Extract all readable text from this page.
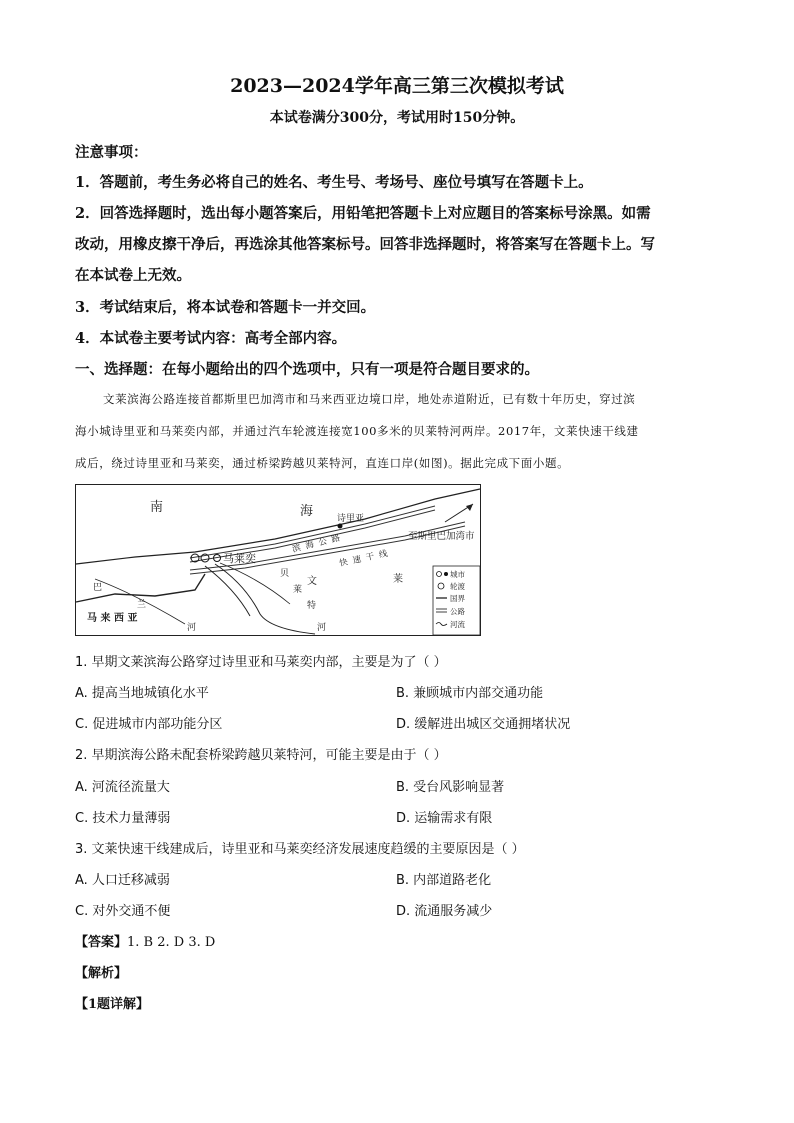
2023—2024学年高三第三次模拟考试
本试卷满分300分，考试用时150分钟。
注意事项：
1．答题前，考生务必将自己的姓名、考生号、考场号、座位号填写在答题卡上。
2．回答选择题时，选出每小题答案后，用铅笔把答题卡上对应题目的答案标号涂黑。如需
改动，用橡皮擦干净后，再选涂其他答案标号。回答非选择题时，将答案写在答题卡上。写
在本试卷上无效。
3．考试结束后，将本试卷和答题卡一并交回。
4．本试卷主要考试内容：高考全部内容。
一、选择题：在每小题给出的四个选项中，只有一项是符合题目要求的。
文莱滨海公路连接首都斯里巴加湾市和马来西亚边境口岸，地处赤道附近，已有数十年历史，穿过滨
海小城诗里亚和马莱奕内部，并通过汽车轮渡连接宽100多米的贝莱特河两岸。2017年，文莱快速干线建
成后，绕过诗里亚和马莱奕，通过桥梁跨越贝莱特河，直连口岸(如图)。据此完成下面小题。
南	海	诗里亚
马莱奕
滨海公路
快速干线
至斯里巴加湾市
文	莱
贝
莱
特
河
巴
兰
河
马 来 西 亚
城市
轮渡
国界
公路
河流
1. 早期文莱滨海公路穿过诗里亚和马莱奕内部，主要是为了（ ）
A. 提高当地城镇化水平	B. 兼顾城市内部交通功能
C. 促进城市内部功能分区	D. 缓解进出城区交通拥堵状况
2. 早期滨海公路未配套桥梁跨越贝莱特河，可能主要是由于（ ）
A. 河流径流量大	B. 受台风影响显著
C. 技术力量薄弱	D. 运输需求有限
3. 文莱快速干线建成后，诗里亚和马莱奕经济发展速度趋缓的主要原因是（ ）
A. 人口迁移减弱	B. 内部道路老化
C. 对外交通不便	D. 流通服务减少
【答案】1. B 2. D 3. D
【解析】
【1题详解】
